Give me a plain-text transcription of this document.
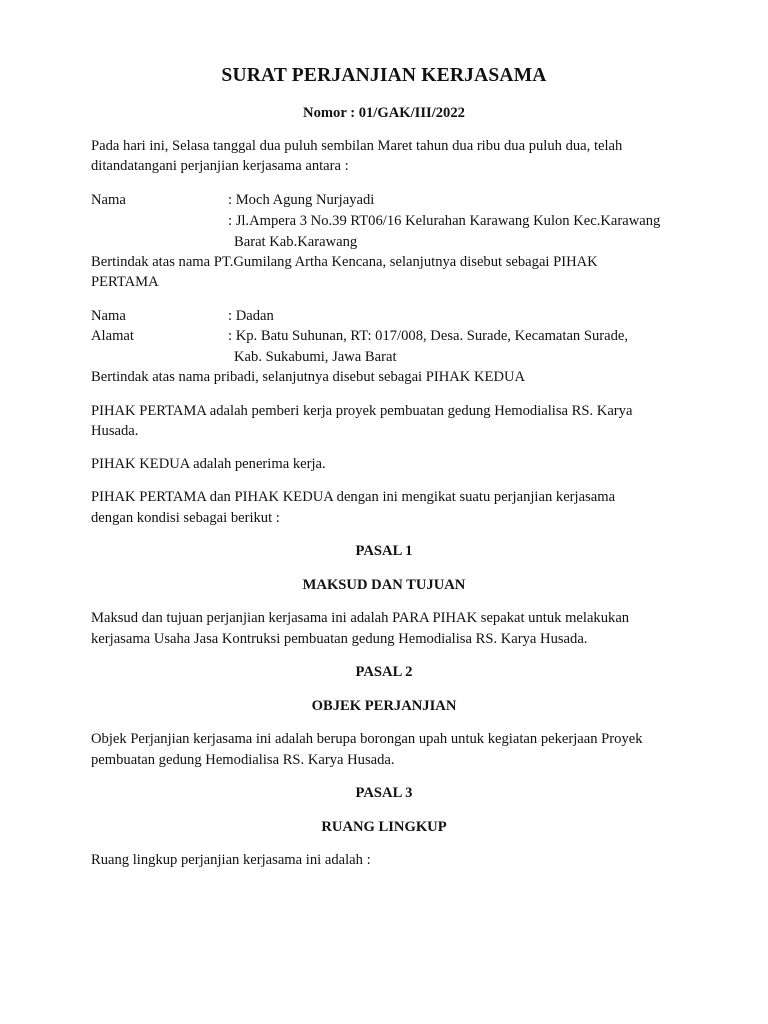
SURAT PERJANJIAN KERJASAMA
Nomor : 01/GAK/III/2022
Pada hari ini, Selasa tanggal dua puluh sembilan Maret tahun dua ribu dua puluh dua, telah
ditandatangani perjanjian kerjasama antara :
Nama	: Moch Agung Nurjayadi
: Jl.Ampera 3 No.39 RT06/16 Kelurahan Karawang Kulon Kec.Karawang
Barat Kab.Karawang
Bertindak atas nama PT.Gumilang Artha Kencana, selanjutnya disebut sebagai PIHAK
PERTAMA
Nama	: Dadan
Alamat	: Kp. Batu Suhunan, RT: 017/008, Desa. Surade, Kecamatan Surade,
Kab. Sukabumi, Jawa Barat
Bertindak atas nama pribadi, selanjutnya disebut sebagai PIHAK KEDUA
PIHAK PERTAMA adalah pemberi kerja proyek pembuatan gedung Hemodialisa RS. Karya
Husada.
PIHAK KEDUA adalah penerima kerja.
PIHAK PERTAMA dan PIHAK KEDUA dengan ini mengikat suatu perjanjian kerjasama
dengan kondisi sebagai berikut :
PASAL 1
MAKSUD DAN TUJUAN
Maksud dan tujuan perjanjian kerjasama ini adalah PARA PIHAK sepakat untuk melakukan
kerjasama Usaha Jasa Kontruksi pembuatan gedung Hemodialisa RS. Karya Husada.
PASAL 2
OBJEK PERJANJIAN
Objek Perjanjian kerjasama ini adalah berupa borongan upah untuk kegiatan pekerjaan Proyek
pembuatan gedung Hemodialisa RS. Karya Husada.
PASAL 3
RUANG LINGKUP
Ruang lingkup perjanjian kerjasama ini adalah :
